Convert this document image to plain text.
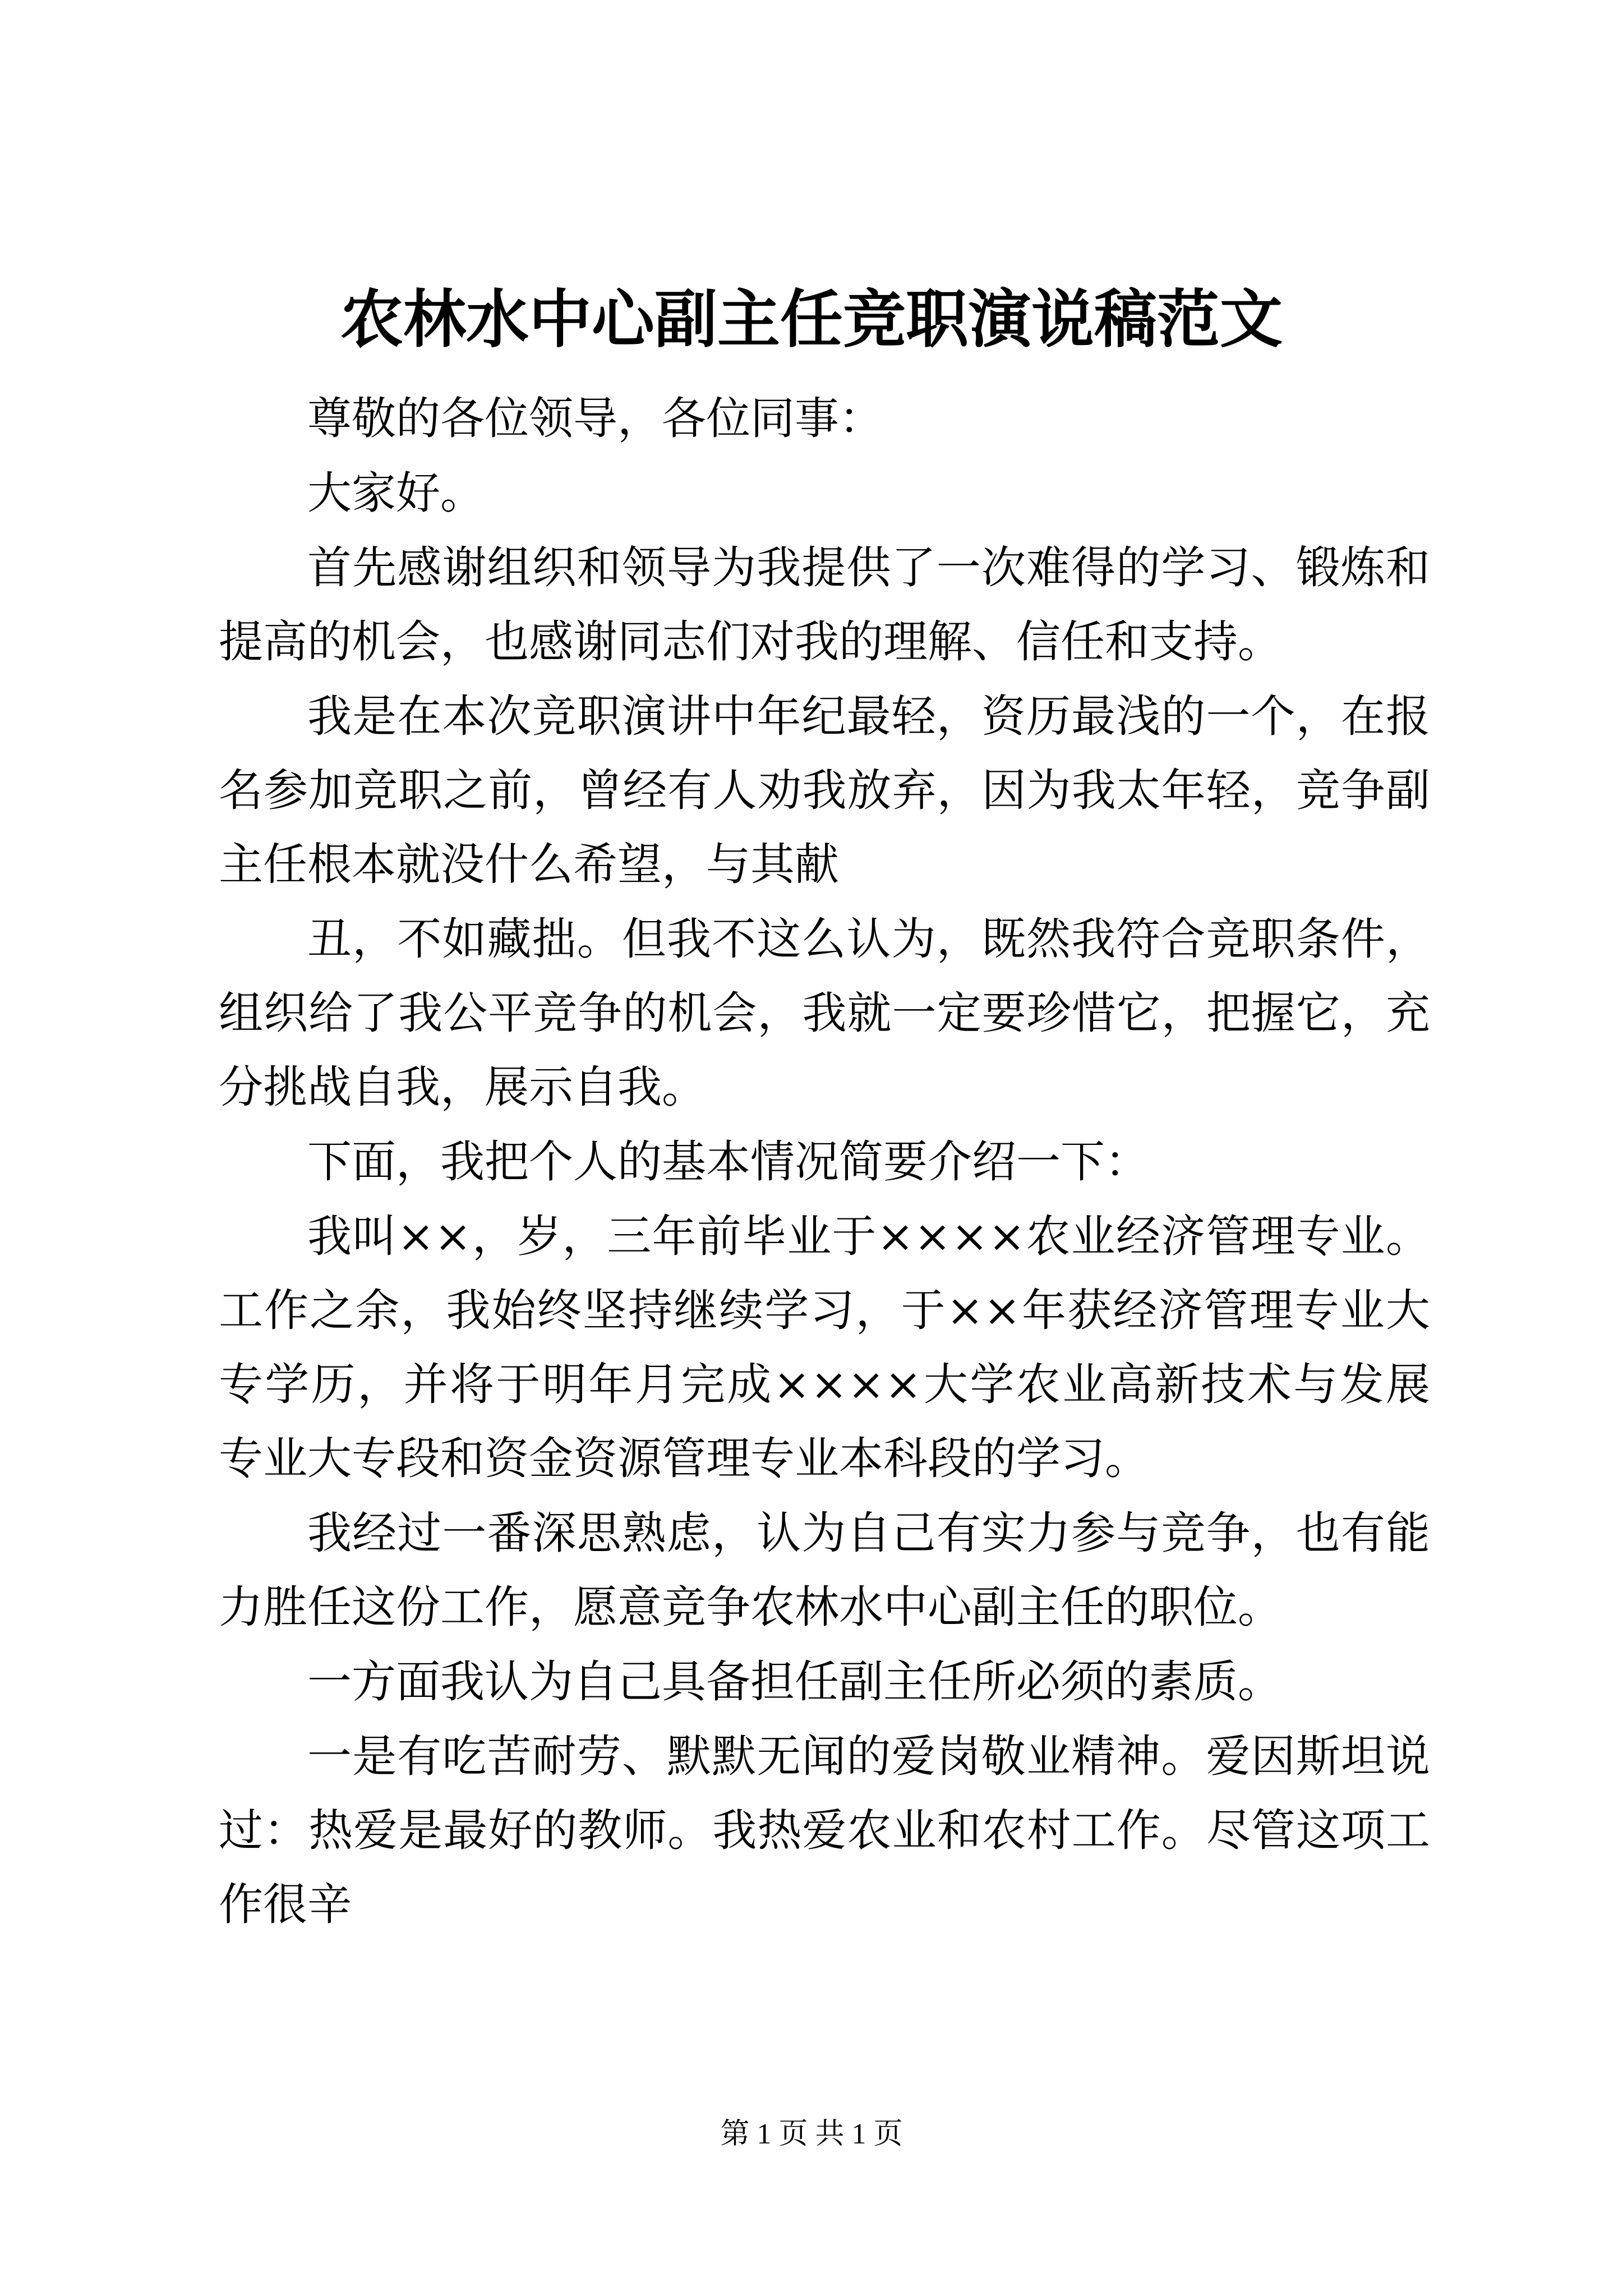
农林水中心副主任竞职演说稿范文

尊敬的各位领导，各位同事：

大家好。

首先感谢组织和领导为我提供了一次难得的学习、锻炼和提高的机会，也感谢同志们对我的理解、信任和支持。

我是在本次竞职演讲中年纪最轻，资历最浅的一个，在报名参加竞职之前，曾经有人劝我放弃，因为我太年轻，竞争副主任根本就没什么希望，与其献

丑，不如藏拙。但我不这么认为，既然我符合竞职条件，组织给了我公平竞争的机会，我就一定要珍惜它，把握它，充分挑战自我，展示自我。

下面，我把个人的基本情况简要介绍一下：

我叫××，岁，三年前毕业于××××农业经济管理专业。工作之余，我始终坚持继续学习，于××年获经济管理专业大专学历，并将于明年月完成××××大学农业高新技术与发展专业大专段和资金资源管理专业本科段的学习。

我经过一番深思熟虑，认为自己有实力参与竞争，也有能力胜任这份工作，愿意竞争农林水中心副主任的职位。

一方面我认为自己具备担任副主任所必须的素质。

一是有吃苦耐劳、默默无闻的爱岗敬业精神。爱因斯坦说过：热爱是最好的教师。我热爱农业和农村工作。尽管这项工作很辛

第 1 页 共 1 页
